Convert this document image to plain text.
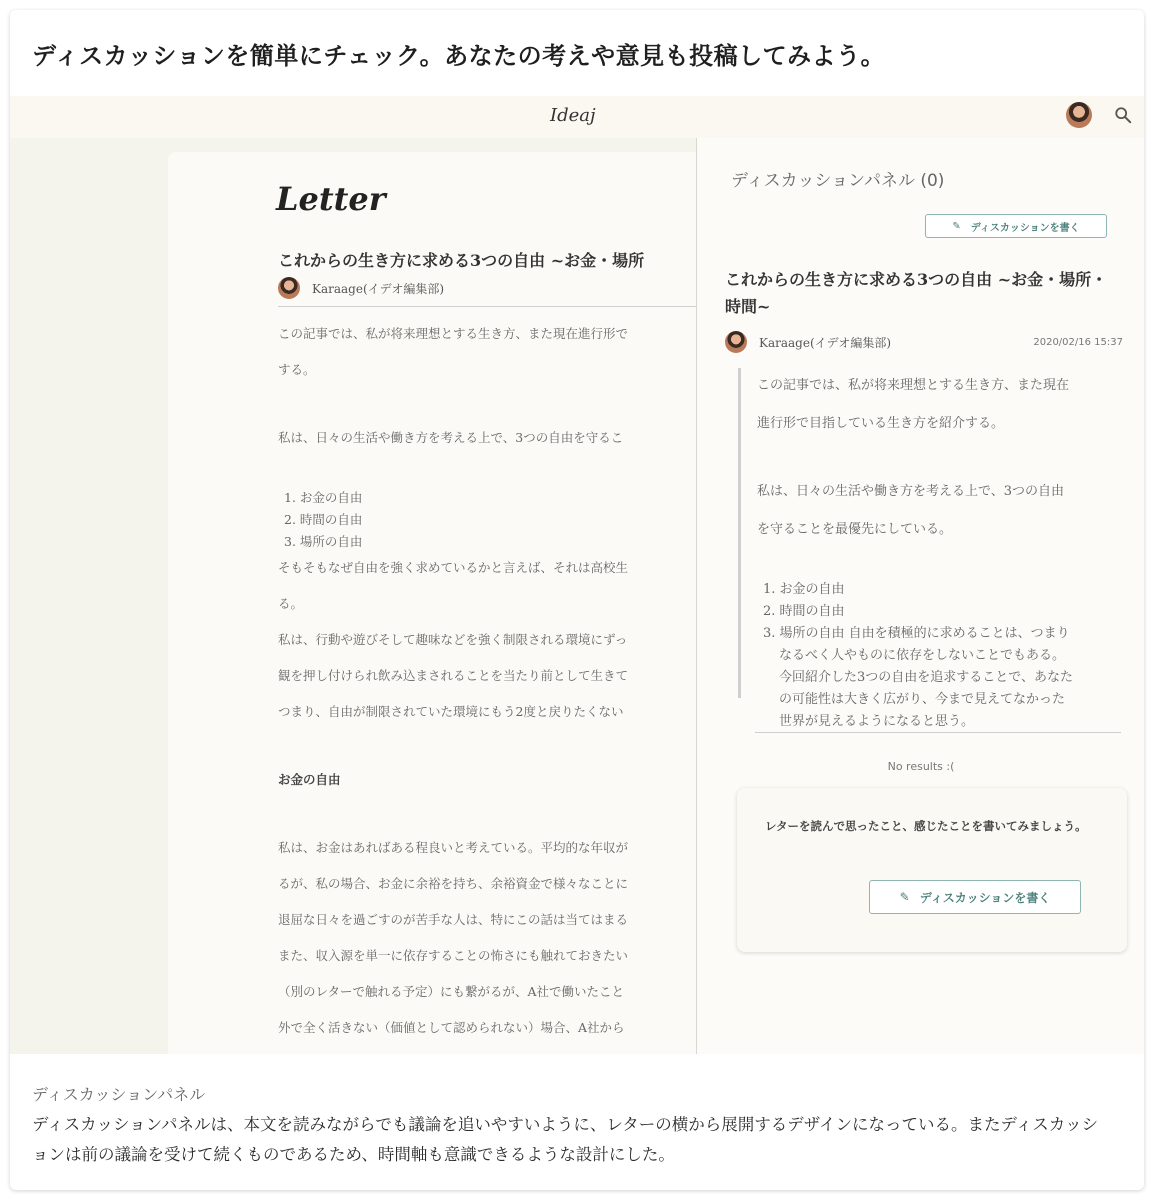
ディスカッションを簡単にチェック。あなたの考えや意見も投稿してみよう。
Ideaj
Letter
これからの生き方に求める3つの自由 ~お金・場所
Karaage(イデオ編集部)
この記事では、私が将来理想とする生き方、また現在進行形で
する。
私は、日々の生活や働き方を考える上で、3つの自由を守るこ
1. お金の自由
2. 時間の自由
3. 場所の自由
そもそもなぜ自由を強く求めているかと言えば、それは高校生
る。
私は、行動や遊びそして趣味などを強く制限される環境にずっ
観を押し付けられ飲み込まされることを当たり前として生きて
つまり、自由が制限されていた環境にもう2度と戻りたくない
お金の自由
私は、お金はあればある程良いと考えている。平均的な年収が
るが、私の場合、お金に余裕を持ち、余裕資金で様々なことに
退屈な日々を過ごすのが苦手な人は、特にこの話は当てはまる
また、収入源を単一に依存することの怖さにも触れておきたい
（別のレターで触れる予定）にも繋がるが、A社で働いたこと
外で全く活きない（価値として認められない）場合、A社から
ディスカッションパネル (0)
✎ ディスカッションを書く
これからの生き方に求める3つの自由 ~お金・場所・時間~
Karaage(イデオ編集部)	2020/02/16 15:37
この記事では、私が将来理想とする生き方、また現在
進行形で目指している生き方を紹介する。
私は、日々の生活や働き方を考える上で、3つの自由
を守ることを最優先にしている。
1. お金の自由
2. 時間の自由
3. 場所の自由 自由を積極的に求めることは、つまり
なるべく人やものに依存をしないことでもある。
今回紹介した3つの自由を追求することで、あなた
の可能性は大きく広がり、今まで見えてなかった
世界が見えるようになると思う。
No results :(
レターを読んで思ったこと、感じたことを書いてみましょう。
✎ ディスカッションを書く
ディスカッションパネル
ディスカッションパネルは、本文を読みながらでも議論を追いやすいように、レターの横から展開するデザインになっている。またディスカッションは前の議論を受けて続くものであるため、時間軸も意識できるような設計にした。
